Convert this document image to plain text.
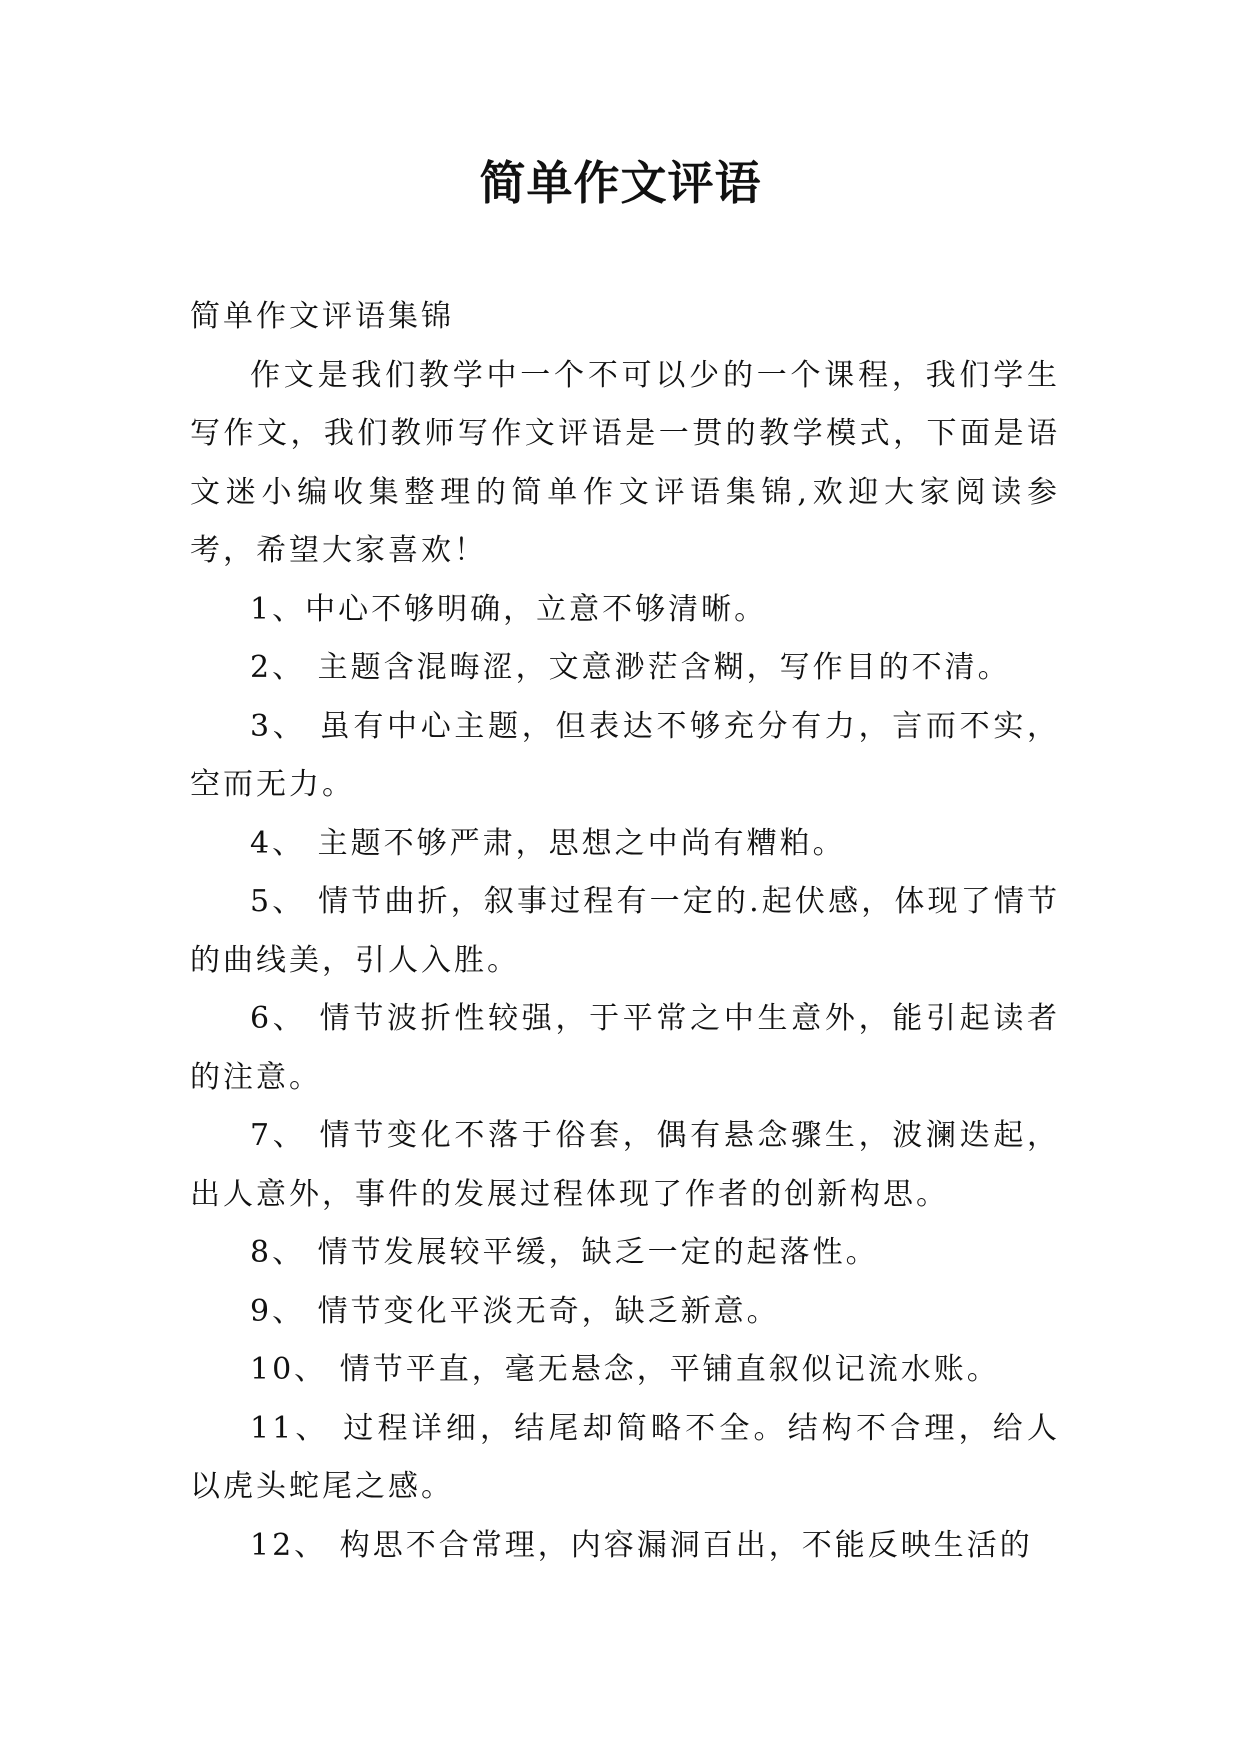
简单作文评语

简单作文评语集锦

作文是我们教学中一个不可以少的一个课程，我们学生写作文，我们教师写作文评语是一贯的教学模式，下面是语文迷小编收集整理的简单作文评语集锦,欢迎大家阅读参考，希望大家喜欢！

1、中心不够明确，立意不够清晰。

2、 主题含混晦涩，文意渺茫含糊，写作目的不清。

3、 虽有中心主题，但表达不够充分有力，言而不实，空而无力。

4、 主题不够严肃，思想之中尚有糟粕。

5、 情节曲折，叙事过程有一定的.起伏感，体现了情节的曲线美，引人入胜。

6、 情节波折性较强，于平常之中生意外，能引起读者的注意。

7、 情节变化不落于俗套，偶有悬念骤生，波澜迭起，出人意外，事件的发展过程体现了作者的创新构思。

8、 情节发展较平缓，缺乏一定的起落性。

9、 情节变化平淡无奇，缺乏新意。

10、 情节平直，毫无悬念，平铺直叙似记流水账。

11、 过程详细，结尾却简略不全。结构不合理，给人以虎头蛇尾之感。

12、 构思不合常理，内容漏洞百出，不能反映生活的
